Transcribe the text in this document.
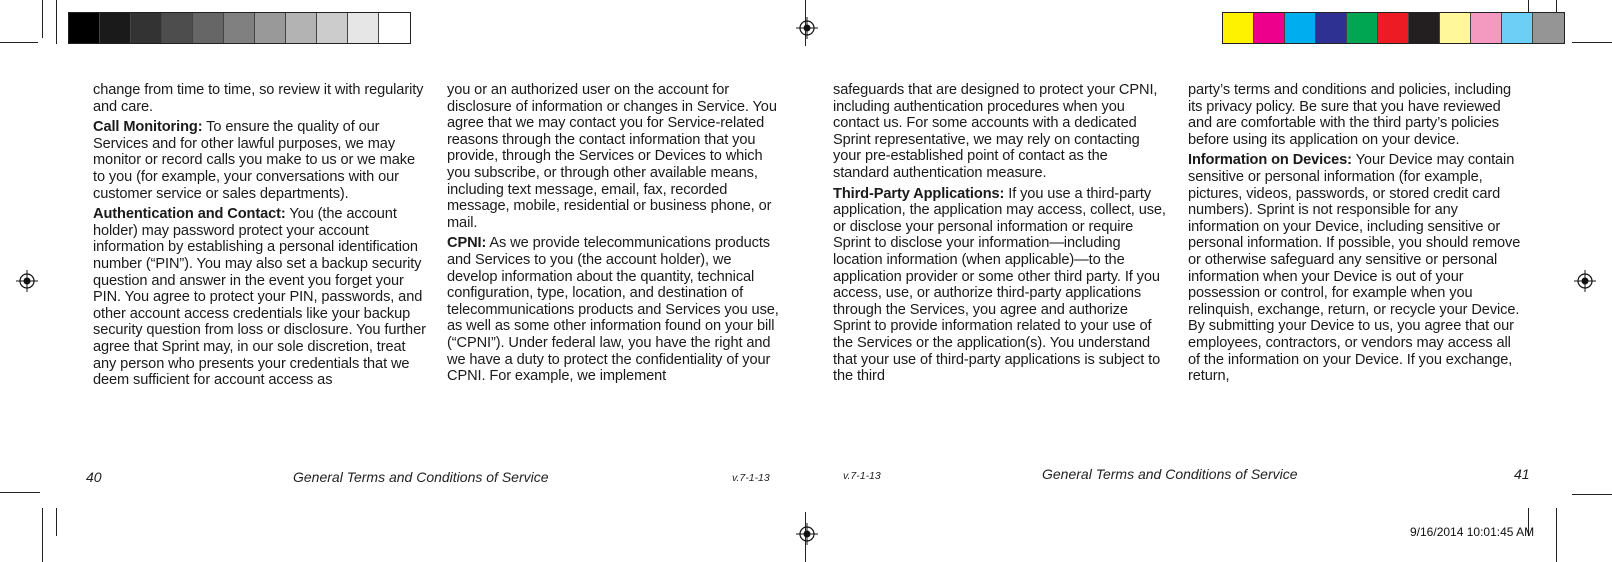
change from time to time, so review it with regularity and care.

Call Monitoring: To ensure the quality of our Services and for other lawful purposes, we may monitor or record calls you make to us or we make to you (for example, your conversations with our customer service or sales departments).

Authentication and Contact: You (the account holder) may password protect your account information by establishing a personal identification number (“PIN”). You may also set a backup security question and answer in the event you forget your PIN. You agree to protect your PIN, passwords, and other account access credentials like your backup security question from loss or disclosure. You further agree that Sprint may, in our sole discretion, treat any person who presents your credentials that we deem sufficient for account access as

you or an authorized user on the account for disclosure of information or changes in Service. You agree that we may contact you for Service-related reasons through the contact information that you provide, through the Services or Devices to which you subscribe, or through other available means, including text message, email, fax, recorded message, mobile, residential or business phone, or mail.

CPNI: As we provide telecommunications products and Services to you (the account holder), we develop information about the quantity, technical configuration, type, location, and destination of telecommunications products and Services you use, as well as some other information found on your bill (“CPNI”). Under federal law, you have the right and we have a duty to protect the confidentiality of your CPNI. For example, we implement

safeguards that are designed to protect your CPNI, including authentication procedures when you contact us. For some accounts with a dedicated Sprint representative, we may rely on contacting your pre-established point of contact as the standard authentication measure.

Third-Party Applications: If you use a third-party application, the application may access, collect, use, or disclose your personal information or require Sprint to disclose your information—including location information (when applicable)—to the application provider or some other third party. If you access, use, or authorize third-party applications through the Services, you agree and authorize Sprint to provide information related to your use of the Services or the application(s). You understand that your use of third-party applications is subject to the third

party’s terms and conditions and policies, including its privacy policy. Be sure that you have reviewed and are comfortable with the third party’s policies before using its application on your device.

Information on Devices: Your Device may contain sensitive or personal information (for example, pictures, videos, passwords, or stored credit card numbers). Sprint is not responsible for any information on your Device, including sensitive or personal information. If possible, you should remove or otherwise safeguard any sensitive or personal information when your Device is out of your possession or control, for example when you relinquish, exchange, return, or recycle your Device. By submitting your Device to us, you agree that our employees, contractors, or vendors may access all of the information on your Device. If you exchange, return,

40	General Terms and Conditions of Service	v.7-1-13	v.7-1-13	General Terms and Conditions of Service	41
9/16/2014 10:01:45 AM
